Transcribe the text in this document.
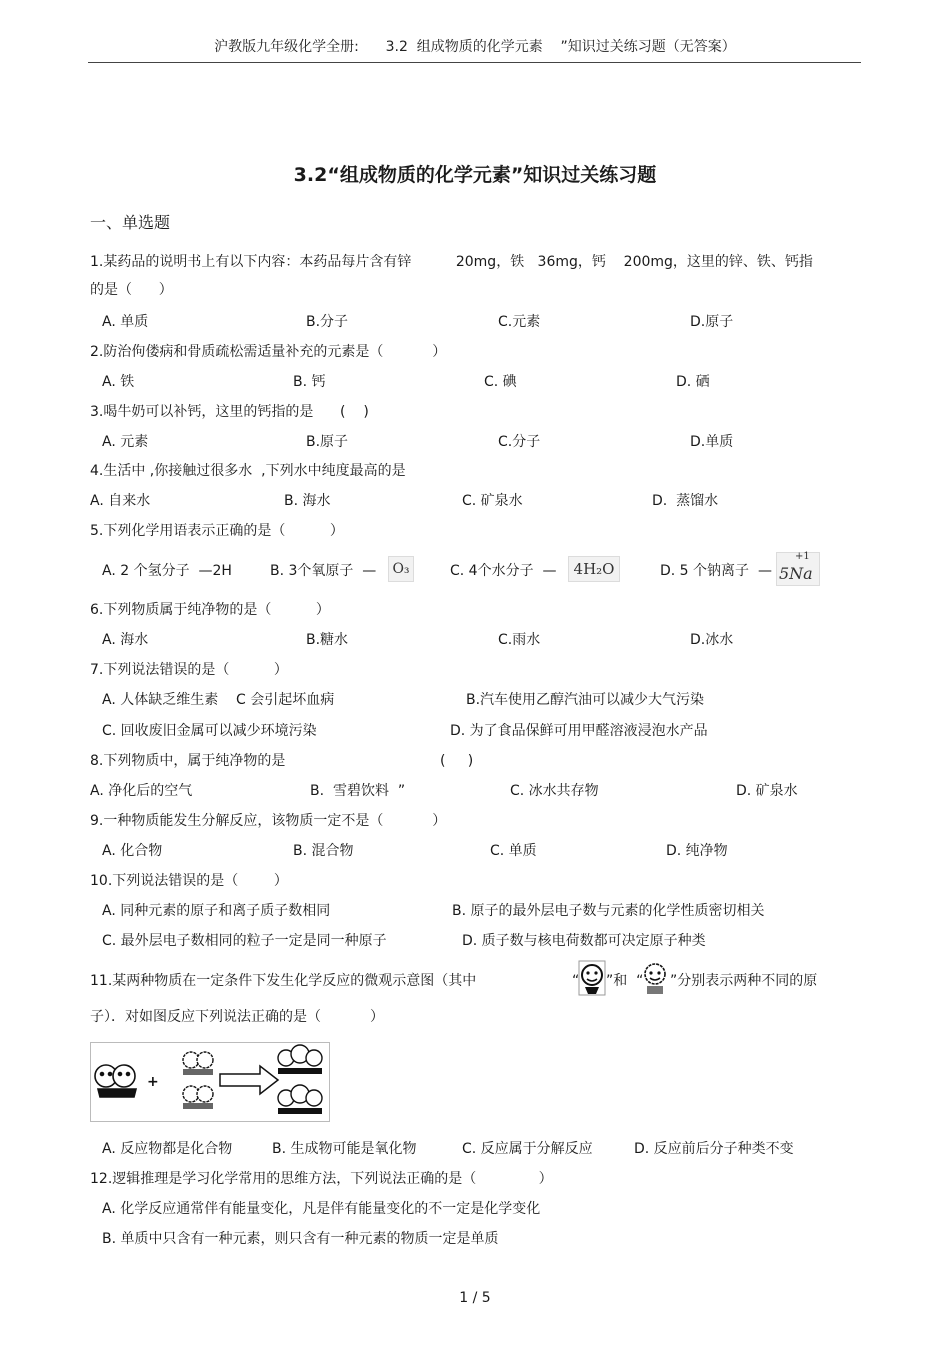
沪教版九年级化学全册:      3.2  组成物质的化学元素    ”知识过关练习题（无答案）
3.2“组成物质的化学元素”知识过关练习题
一、单选题
1.某药品的说明书上有以下内容：本药品每片含有锌          20mg，铁   36mg，钙    200mg，这里的锌、铁、钙指
的是（      ）
A. 单质	B.分子	C.元素	D.原子
2.防治佝偻病和骨质疏松需适量补充的元素是（           ）
A. 铁	B. 钙	C. 碘	D. 硒
3.喝牛奶可以补钙，这里的钙指的是      (    )
A. 元素	B.原子	C.分子	D.单质
4.生活中 ,你接触过很多水  ,下列水中纯度最高的是
A. 自来水	B. 海水	C. 矿泉水	D.  蒸馏水
5.下列化学用语表示正确的是（          ）
A. 2 个氢分子  —2H	B. 3个氧原子  —	O₃	C. 4个水分子  —	4H₂O	D. 5 个钠离子  —
+1
5Na
6.下列物质属于纯净物的是（          ）
A. 海水	B.糖水	C.雨水	D.冰水
7.下列说法错误的是（          ）
A. 人体缺乏维生素    C 会引起坏血病	B.汽车使用乙醇汽油可以减少大气污染
C. 回收废旧金属可以减少环境污染	D. 为了食品保鲜可用甲醛溶液浸泡水产品
8.下列物质中，属于纯净物的是	(     )
A. 净化后的空气	B.  雪碧饮料  ”	C. 冰水共存物	D. 矿泉水
9.一种物质能发生分解反应，该物质一定不是（           ）
A. 化合物	B. 混合物	C. 单质	D. 纯净物
10.下列说法错误的是（        ）
A. 同种元素的原子和离子质子数相同	B. 原子的最外层电子数与元素的化学性质密切相关
C. 最外层电子数相同的粒子一定是同一种原子	D. 质子数与核电荷数都可决定原子种类
11.某两种物质在一定条件下发生化学反应的微观示意图（其中	“ ”和  “ ”分别表示两种不同的原
子）．对如图反应下列说法正确的是（           ）
+
A. 反应物都是化合物	B. 生成物可能是氧化物	C. 反应属于分解反应	D. 反应前后分子种类不变
12.逻辑推理是学习化学常用的思维方法，下列说法正确的是（              ）
A. 化学反应通常伴有能量变化，凡是伴有能量变化的不一定是化学变化
B. 单质中只含有一种元素，则只含有一种元素的物质一定是单质
1 / 5
